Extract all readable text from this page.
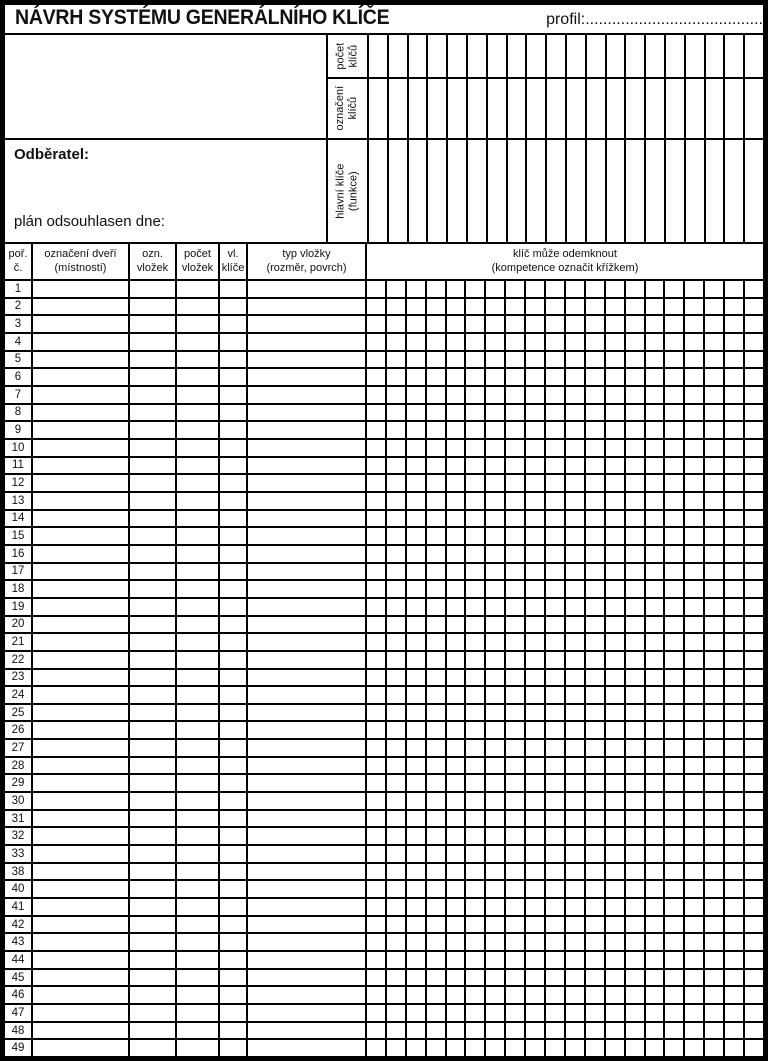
NÁVRH SYSTÉMU GENERÁLNÍHO KLÍČE	profil:........................................
Odběratel:
plán odsouhlasen dne:
počet
klíčů
označení
klíčů
hlavní klíče
(funkce)
poř.
č.
označení dveří
(místností)
ozn.
vložek
počet
vložek
vl.
klíče
typ vložky
(rozměr, povrch)
klíč může odemknout
(kompetence označit křížkem)
1
2
3
4
5
6
7
8
9
10
11
12
13
14
15
16
17
18
19
20
21
22
23
24
25
26
27
28
29
30
31
32
33
38
40
41
42
43
44
45
46
47
48
49
